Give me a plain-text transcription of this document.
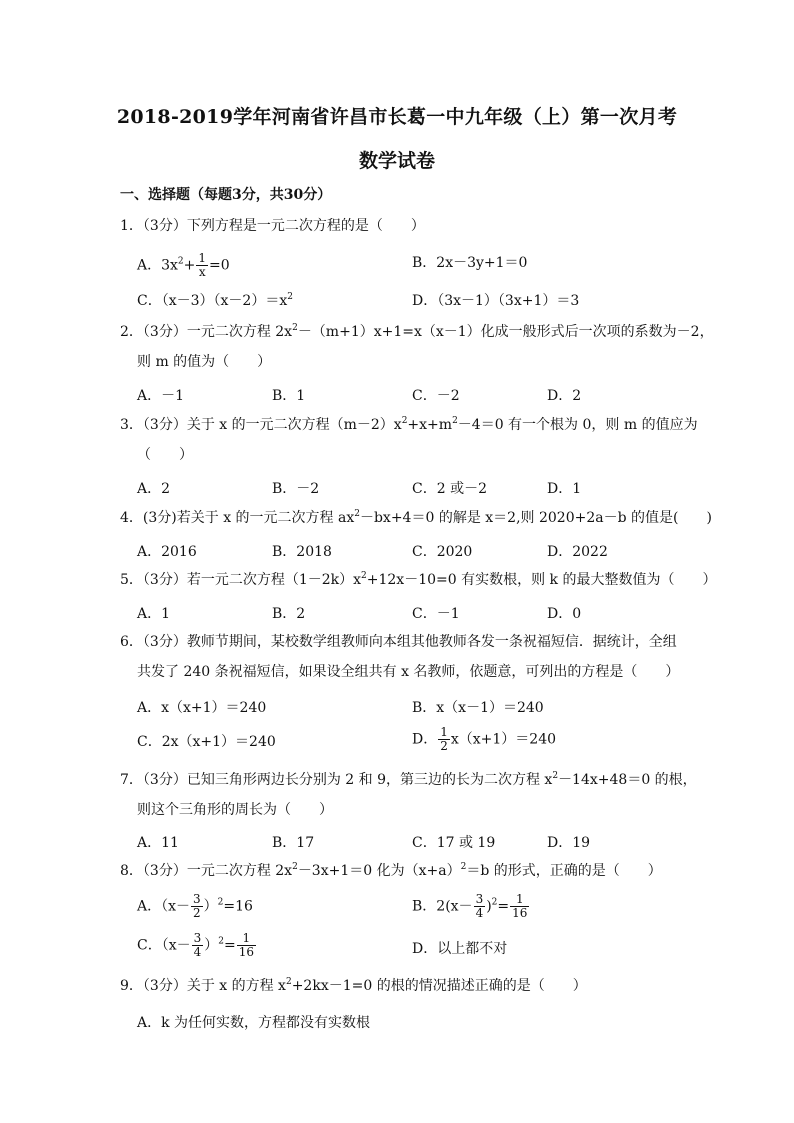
2018-2019学年河南省许昌市长葛一中九年级（上）第一次月考
数学试卷
一、选择题（每题3分，共30分）
1．（3分）下列方程是一元二次方程的是（　　）
A．$3x^2+ \frac{1}{x} =0$	B．2x－3y+1＝0
C．$(x-3)(x-2)=x^2$	D．（3x－1）（3x+1）＝3
2．（3分）一元二次方程 $2x^2-(m+1)x+1=x(x-1)$化成一般形式后一次项的系数为－2，
则 m 的值为（　　）
A．－1	B．1	C．－2	D．2
3．（3分）关于 x 的一元二次方程$(m-2)x^2+x+m^2-4=0$ 有一个根为 0，则 m 的值应为
（　　）
A．2	B．－2	C．2 或－2	D．1
4．(3分)若关于 x 的一元二次方程 $ax^2-bx+4=0$ 的解是 x＝2,则 2020+2a－b 的值是(　　)
A．2016	B．2018	C．2020	D．2022
5．（3分）若一元二次方程$(1-2k)x^2+12x-10=0$ 有实数根，则 k 的最大整数值为（　　）
A．1	B．2	C．－1	D．0
6．（3分）教师节期间，某校数学组教师向本组其他教师各发一条祝福短信．据统计，全组
共发了 240 条祝福短信，如果设全组共有 x 名教师，依题意，可列出的方程是（　　）
A．x（x+1）＝240	B．x（x－1）＝240
C．2x（x+1）＝240	D． $\frac{1}{2} x(x+1)=240$
7．（3分）已知三角形两边长分别为 2 和 9，第三边的长为二次方程 $x^2-14x+48=0$ 的根，
则这个三角形的周长为（　　）
A．11	B．17	C．17 或 19	D．19
8．（3分）一元二次方程 $2x^2-3x+1=0$ 化为$(x+a)^2=b$ 的形式，正确的是（　　）
A．$(x- \frac{3}{2} )^2=16$	B．$2(x- \frac{3}{4} )^2= \frac{1}{16}$
C．$(x- \frac{3}{4} )^2= \frac{1}{16}$	D．以上都不对
9．（3分）关于 x 的方程 $x^2+2kx-1=0$ 的根的情况描述正确的是（　　）
A．k 为任何实数，方程都没有实数根
